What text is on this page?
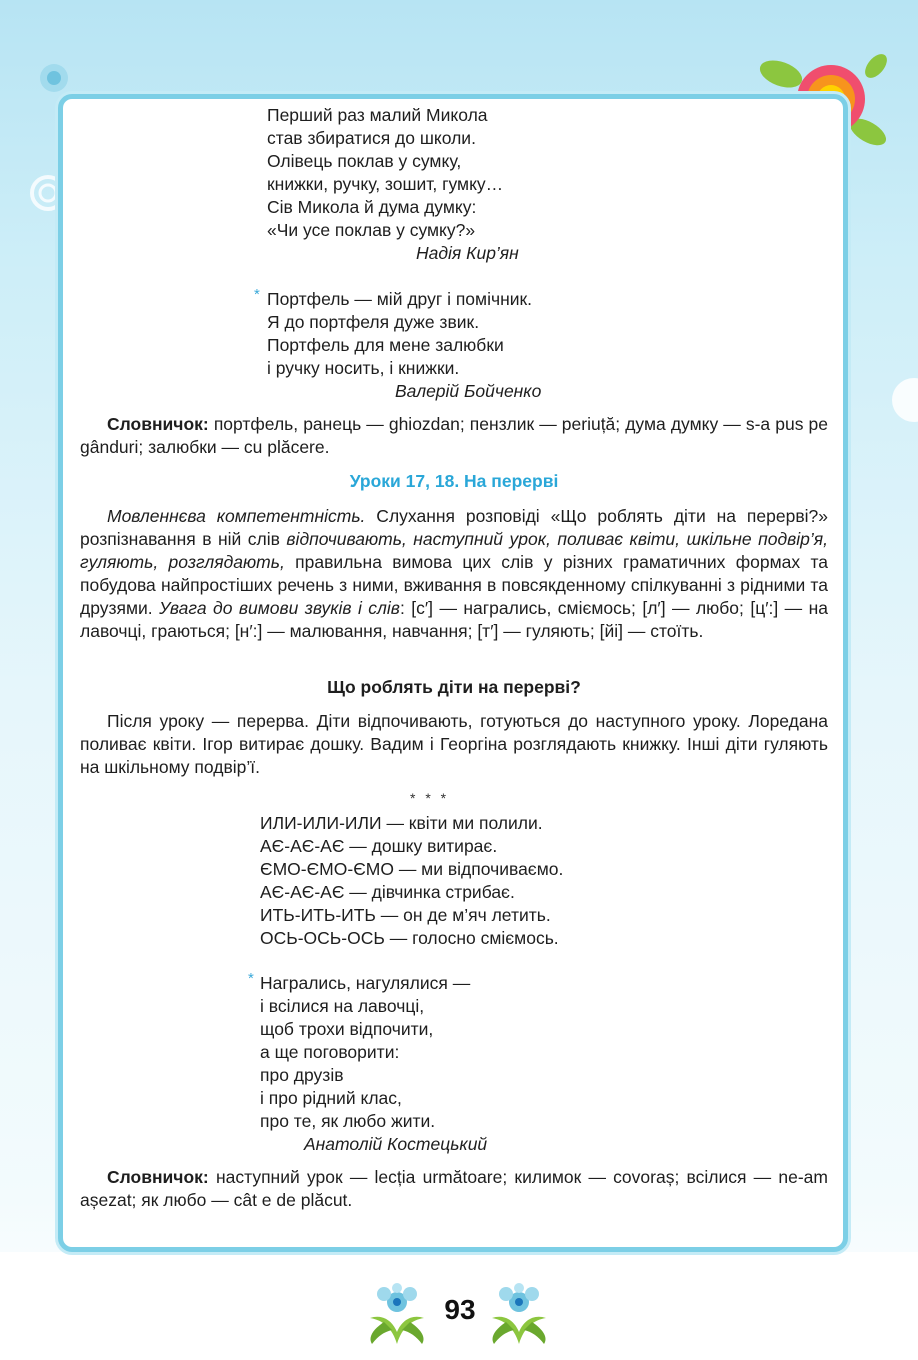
Перший раз малий Микола
став збиратися до школи.
Олівець поклав у сумку,
книжки, ручку, зошит, гумку…
Сів Микола й дума думку:
«Чи усе поклав у сумку?»
Надія Кир’ян
* Портфель — мій друг і помічник.
Я до портфеля дуже звик.
Портфель для мене залюбки
і ручку носить, і книжки.
Валерій Бойченко
Словничок: портфель, ранець — ghiozdan; пензлик — periuță; дума думку — s-a pus pe gânduri; залюбки — cu plăcere.
Уроки 17, 18. На перерві
Мовленнєва компетентність. Слухання розповіді «Що роблять діти на перерві?» розпізнавання в ній слів відпочивають, наступний урок, поливає квіти, шкільне подвір’я, гуляють, розглядають, правильна вимова цих слів у різних граматичних формах та побудова найпростіших речень з ними, вживання в повсякденному спілкуванні з рідними та друзями. Увага до вимови звуків і слів: [с′] — награлись, сміємось; [л′] — любо; [ц′:] — на лавочці, граються; [н′:] — малювання, навчання; [т′] — гуляють; [йі] — стоїть.
Що роблять діти на перерві?
Після уроку — перерва. Діти відпочивають, готуються до наступного уроку. Лоредана поливає квіти. Ігор витирає дошку. Вадим і Георгіна розглядають книжку. Інші діти гуляють на шкільному подвір’ї.
* * *
ИЛИ-ИЛИ-ИЛИ — квіти ми полили.
АЄ-АЄ-АЄ — дошку витирає.
ЄМО-ЄМО-ЄМО — ми відпочиваємо.
АЄ-АЄ-АЄ — дівчинка стрибає.
ИТЬ-ИТЬ-ИТЬ — он де м’яч летить.
ОСЬ-ОСЬ-ОСЬ — голосно сміємось.
* Награлись, нагулялися —
і всілися на лавочці,
щоб трохи відпочити,
а ще поговорити:
про друзів
і про рідний клас,
про те, як любо жити.
Анатолій Костецький
Словничок: наступний урок — lecția următoare; килимок — covoraș; всілися — ne-am așezat; як любо — cât e de plăcut.
93
